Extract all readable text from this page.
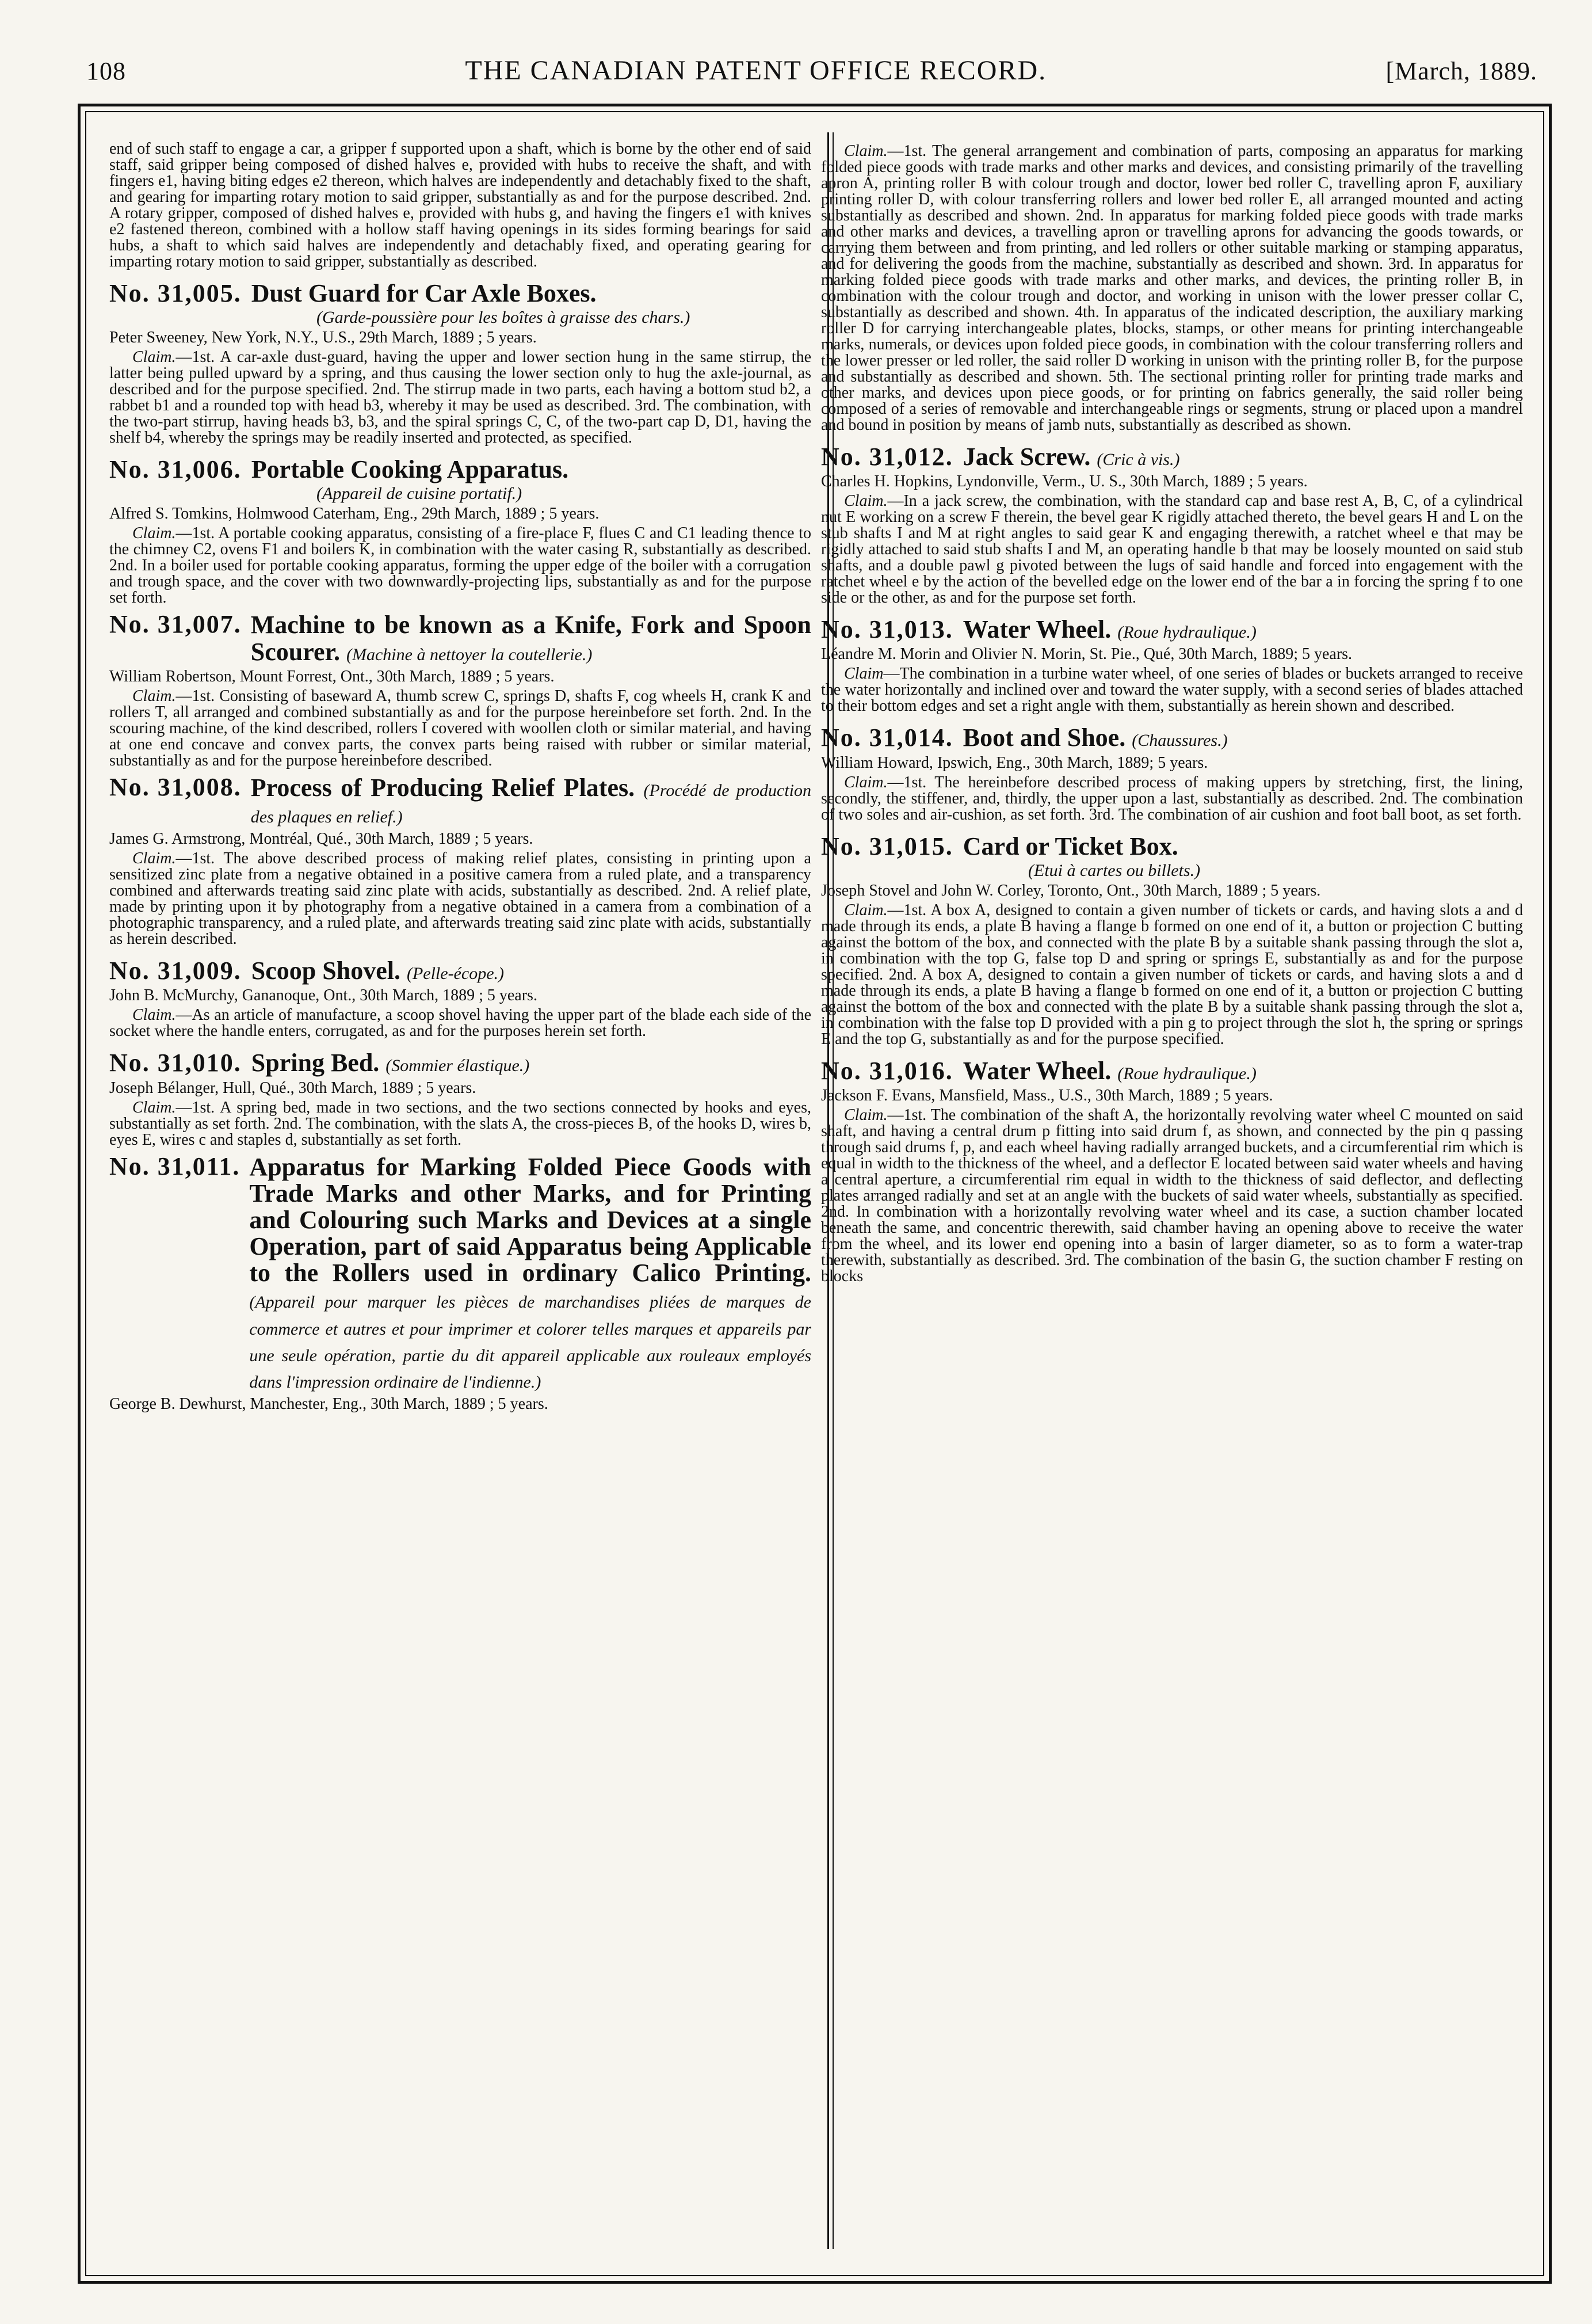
108	THE CANADIAN PATENT OFFICE RECORD.	[March, 1889.

end of such staff to engage a car, a gripper f supported upon a shaft, which is borne by the other end of said staff, said gripper being composed of dished halves e, provided with hubs to receive the shaft, and with fingers e1, having biting edges e2 thereon, which halves are independently and detachably fixed to the shaft, and gearing for imparting rotary motion to said gripper, substantially as and for the purpose described. 2nd. A rotary gripper, composed of dished halves e, provided with hubs g, and having the fingers e1 with knives e2 fastened thereon, combined with a hollow staff having openings in its sides forming bearings for said hubs, a shaft to which said halves are independently and detachably fixed, and operating gearing for imparting rotary motion to said gripper, substantially as described.

No. 31,005. Dust Guard for Car Axle Boxes.
(Garde-poussière pour les boîtes à graisse des chars.)

Peter Sweeney, New York, N.Y., U.S., 29th March, 1889 ; 5 years.

Claim.—1st. A car-axle dust-guard, having the upper and lower section hung in the same stirrup, the latter being pulled upward by a spring, and thus causing the lower section only to hug the axle-journal, as described and for the purpose specified. 2nd. The stirrup made in two parts, each having a bottom stud b2, a rabbet b1 and a rounded top with head b3, whereby it may be used as described. 3rd. The combination, with the two-part stirrup, having heads b3, b3, and the spiral springs C, C, of the two-part cap D, D1, having the shelf b4, whereby the springs may be readily inserted and protected, as specified.

No. 31,006. Portable Cooking Apparatus.
(Appareil de cuisine portatif.)

Alfred S. Tomkins, Holmwood Caterham, Eng., 29th March, 1889 ; 5 years.

Claim.—1st. A portable cooking apparatus, consisting of a fire-place F, flues C and C1 leading thence to the chimney C2, ovens F1 and boilers K, in combination with the water casing R, substantially as described. 2nd. In a boiler used for portable cooking apparatus, forming the upper edge of the boiler with a corrugation and trough space, and the cover with two downwardly-projecting lips, substantially as and for the purpose set forth.

No. 31,007. Machine to be known as a Knife, Fork and Spoon Scourer. (Machine à nettoyer la coutellerie.)

William Robertson, Mount Forrest, Ont., 30th March, 1889 ; 5 years.

Claim.—1st. Consisting of baseward A, thumb screw C, springs D, shafts F, cog wheels H, crank K and rollers T, all arranged and combined substantially as and for the purpose hereinbefore set forth. 2nd. In the scouring machine, of the kind described, rollers I covered with woollen cloth or similar material, and having at one end concave and convex parts, the convex parts being raised with rubber or similar material, substantially as and for the purpose hereinbefore described.

No. 31,008. Process of Producing Relief Plates. (Procédé de production des plaques en relief.)

James G. Armstrong, Montréal, Qué., 30th March, 1889 ; 5 years.

Claim.—1st. The above described process of making relief plates, consisting in printing upon a sensitized zinc plate from a negative obtained in a positive camera from a ruled plate, and a transparency combined and afterwards treating said zinc plate with acids, substantially as described. 2nd. A relief plate, made by printing upon it by photography from a negative obtained in a camera from a combination of a photographic transparency, and a ruled plate, and afterwards treating said zinc plate with acids, substantially as herein described.

No. 31,009. Scoop Shovel. (Pelle-écope.)

John B. McMurchy, Gananoque, Ont., 30th March, 1889 ; 5 years.

Claim.—As an article of manufacture, a scoop shovel having the upper part of the blade each side of the socket where the handle enters, corrugated, as and for the purposes herein set forth.

No. 31,010. Spring Bed. (Sommier élastique.)

Joseph Bélanger, Hull, Qué., 30th March, 1889 ; 5 years.

Claim.—1st. A spring bed, made in two sections, and the two sections connected by hooks and eyes, substantially as set forth. 2nd. The combination, with the slats A, the cross-pieces B, of the hooks D, wires b, eyes E, wires c and staples d, substantially as set forth.

No. 31,011. Apparatus for Marking Folded Piece Goods with Trade Marks and other Marks, and for Printing and Colouring such Marks and Devices at a single Operation, part of said Apparatus being Applicable to the Rollers used in ordinary Calico Printing. (Appareil pour marquer les pièces de marchandises pliées de marques de commerce et autres et pour imprimer et colorer telles marques et appareils par une seule opération, partie du dit appareil applicable aux rouleaux employés dans l'impression ordinaire de l'indienne.)

George B. Dewhurst, Manchester, Eng., 30th March, 1889 ; 5 years.

Claim.—1st. The general arrangement and combination of parts, composing an apparatus for marking folded piece goods with trade marks and other marks and devices, and consisting primarily of the travelling apron A, printing roller B with colour trough and doctor, lower bed roller C, travelling apron F, auxiliary printing roller D, with colour transferring rollers and lower bed roller E, all arranged mounted and acting substantially as described and shown. 2nd. In apparatus for marking folded piece goods with trade marks and other marks and devices, a travelling apron or travelling aprons for advancing the goods towards, or carrying them between and from printing, and led rollers or other suitable marking or stamping apparatus, and for delivering the goods from the machine, substantially as described and shown. 3rd. In apparatus for marking folded piece goods with trade marks and other marks, and devices, the printing roller B, in combination with the colour trough and doctor, and working in unison with the lower presser collar C, substantially as described and shown. 4th. In apparatus of the indicated description, the auxiliary marking roller D for carrying interchangeable plates, blocks, stamps, or other means for printing interchangeable marks, numerals, or devices upon folded piece goods, in combination with the colour transferring rollers and the lower presser or led roller, the said roller D working in unison with the printing roller B, for the purpose and substantially as described and shown. 5th. The sectional printing roller for printing trade marks and other marks, and devices upon piece goods, or for printing on fabrics generally, the said roller being composed of a series of removable and interchangeable rings or segments, strung or placed upon a mandrel and bound in position by means of jamb nuts, substantially as described as shown.

No. 31,012. Jack Screw. (Cric à vis.)

Charles H. Hopkins, Lyndonville, Verm., U. S., 30th March, 1889 ; 5 years.

Claim.—In a jack screw, the combination, with the standard cap and base rest A, B, C, of a cylindrical nut E working on a screw F therein, the bevel gear K rigidly attached thereto, the bevel gears H and L on the stub shafts I and M at right angles to said gear K and engaging therewith, a ratchet wheel e that may be rigidly attached to said stub shafts I and M, an operating handle b that may be loosely mounted on said stub shafts, and a double pawl g pivoted between the lugs of said handle and forced into engagement with the ratchet wheel e by the action of the bevelled edge on the lower end of the bar a in forcing the spring f to one side or the other, as and for the purpose set forth.

No. 31,013. Water Wheel. (Roue hydraulique.)

Léandre M. Morin and Olivier N. Morin, St. Pie., Qué, 30th March, 1889; 5 years.

Claim—The combination in a turbine water wheel, of one series of blades or buckets arranged to receive the water horizontally and inclined over and toward the water supply, with a second series of blades attached to their bottom edges and set a right angle with them, substantially as herein shown and described.

No. 31,014. Boot and Shoe. (Chaussures.)

William Howard, Ipswich, Eng., 30th March, 1889; 5 years.

Claim.—1st. The hereinbefore described process of making uppers by stretching, first, the lining, secondly, the stiffener, and, thirdly, the upper upon a last, substantially as described. 2nd. The combination of two soles and air-cushion, as set forth. 3rd. The combination of air cushion and foot ball boot, as set forth.

No. 31,015. Card or Ticket Box.
(Etui à cartes ou billets.)

Joseph Stovel and John W. Corley, Toronto, Ont., 30th March, 1889 ; 5 years.

Claim.—1st. A box A, designed to contain a given number of tickets or cards, and having slots a and d made through its ends, a plate B having a flange b formed on one end of it, a button or projection C butting against the bottom of the box, and connected with the plate B by a suitable shank passing through the slot a, in combination with the top G, false top D and spring or springs E, substantially as and for the purpose specified. 2nd. A box A, designed to contain a given number of tickets or cards, and having slots a and d made through its ends, a plate B having a flange b formed on one end of it, a button or projection C butting against the bottom of the box and connected with the plate B by a suitable shank passing through the slot a, in combination with the false top D provided with a pin g to project through the slot h, the spring or springs E and the top G, substantially as and for the purpose specified.

No. 31,016. Water Wheel. (Roue hydraulique.)

Jackson F. Evans, Mansfield, Mass., U.S., 30th March, 1889 ; 5 years.

Claim.—1st. The combination of the shaft A, the horizontally revolving water wheel C mounted on said shaft, and having a central drum p fitting into said drum f, as shown, and connected by the pin q passing through said drums f, p, and each wheel having radially arranged buckets, and a circumferential rim which is equal in width to the thickness of the wheel, and a deflector E located between said water wheels and having a central aperture, a circumferential rim equal in width to the thickness of said deflector, and deflecting plates arranged radially and set at an angle with the buckets of said water wheels, substantially as specified. 2nd. In combination with a horizontally revolving water wheel and its case, a suction chamber located beneath the same, and concentric therewith, said chamber having an opening above to receive the water from the wheel, and its lower end opening into a basin of larger diameter, so as to form a water-trap therewith, substantially as described. 3rd. The combination of the basin G, the suction chamber F resting on blocks
